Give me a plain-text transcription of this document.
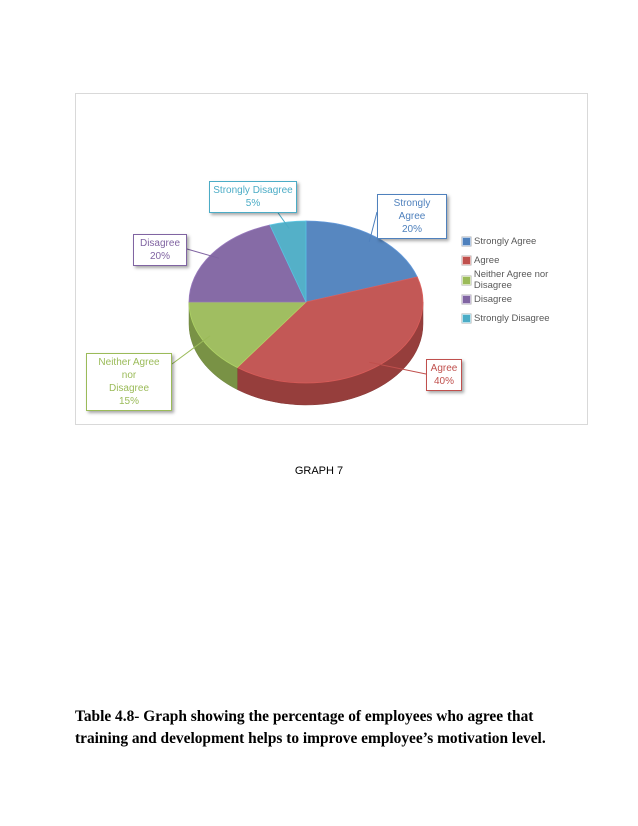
Strongly Agree
20%
Agree
40%
Neither Agree nor
Disagree
15%
Disagree
20%
Strongly Disagree
5%
Strongly Agree
Agree
Neither Agree nor Disagree
Disagree
Strongly Disagree
GRAPH 7
Table 4.8- Graph showing the percentage of employees who agree that
training and development helps to improve employee’s motivation level.
